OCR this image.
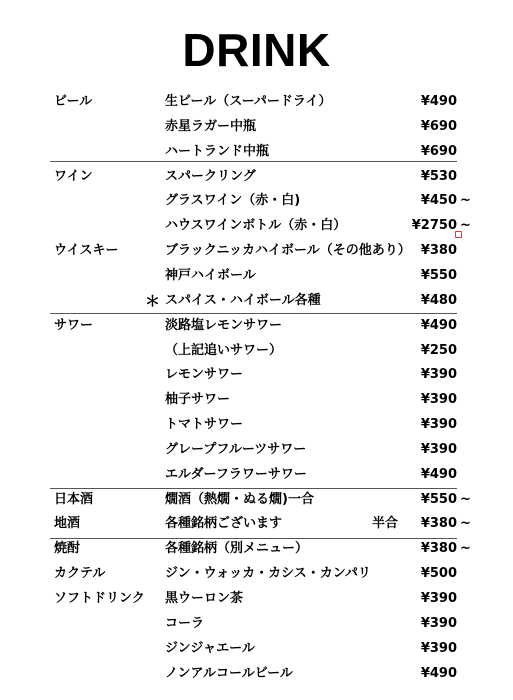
DRINK
ビール	生ビール（スーパードライ）	¥490
赤星ラガー中瓶	¥690
ハートランド中瓶	¥690
ワイン	スパークリング	¥530
グラスワイン（赤・白)	¥450 ~
ハウスワインボトル（赤・白）	¥2750 ~
ウイスキー	ブラックニッカハイボール（その他あり） ¥380
神戸ハイボール	¥550
＊ スパイス・ハイボール各種	¥480
サワー	淡路塩レモンサワー	¥490
（上記追いサワー）	¥250
レモンサワー	¥390
柚子サワー	¥390
トマトサワー	¥390
グレープフルーツサワー	¥390
エルダーフラワーサワー	¥490
日本酒	燗酒（熱燗・ぬる燗)一合	¥550 ~
地酒	各種銘柄ございます	半合	¥380 ~
焼酎	各種銘柄（別メニュー）	¥380 ~
カクテル	ジン・ウォッカ・カシス・カンパリ	¥500
ソフトドリンク 黒ウーロン茶	¥390
コーラ	¥390
ジンジャエール	¥390
ノンアルコールビール	¥490
